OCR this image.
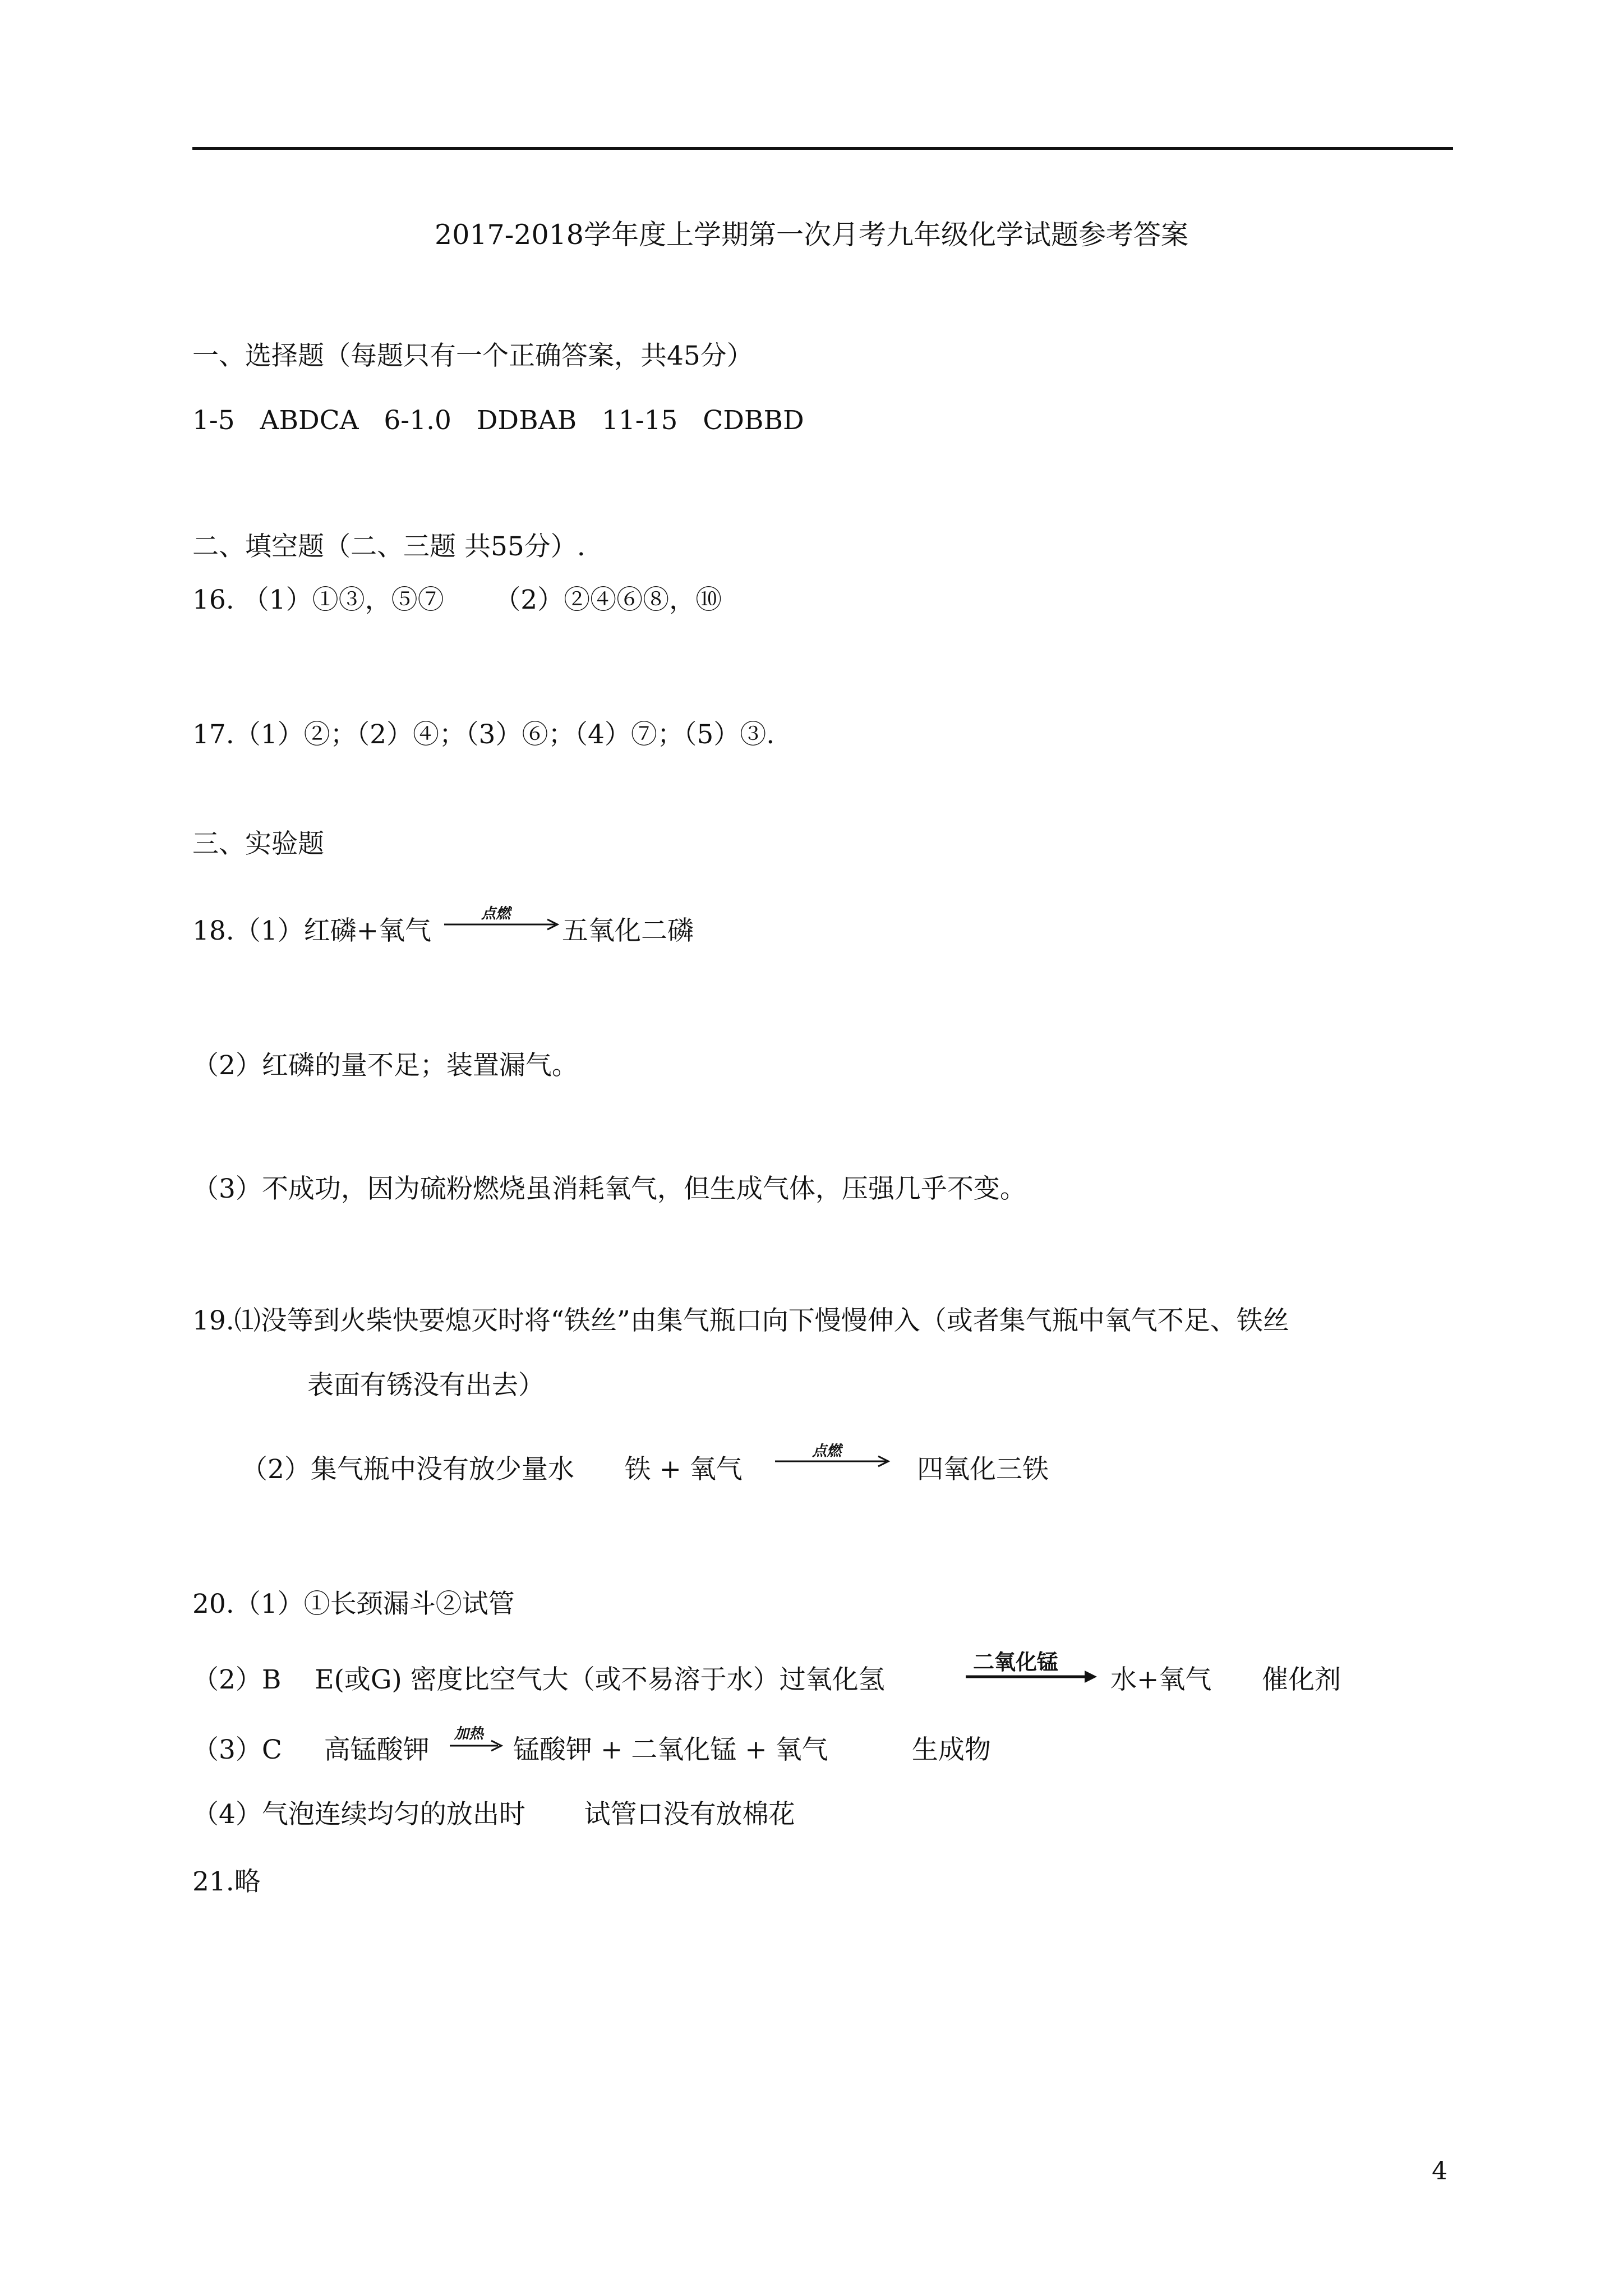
2017-2018学年度上学期第一次月考九年级化学试题参考答案
一、选择题（每题只有一个正确答案，共45分）
1-5   ABDCA   6-1.0   DDBAB   11-15   CDBBD
二、填空题（二、三题 共55分）.
16. （1）①③，⑤⑦      （2）②④⑥⑧，⑩
17.（1）②；（2）④；（3）⑥；（4）⑦；（5）③.
三、实验题
18.（1）红磷+氧气
点燃
五氧化二磷
（2）红磷的量不足；装置漏气。
（3）不成功，因为硫粉燃烧虽消耗氧气，但生成气体，压强几乎不变。
19.⑴没等到火柴快要熄灭时将“铁丝”由集气瓶口向下慢慢伸入（或者集气瓶中氧气不足、铁丝
表面有锈没有出去）
（2）集气瓶中没有放少量水      铁 + 氧气
点燃
四氧化三铁
20.（1）①长颈漏斗②试管
（2）B    E(或G) 密度比空气大（或不易溶于水）过氧化氢
二氧化锰
水+氧气      催化剂
（3）C     高锰酸钾
加热
锰酸钾 + 二氧化锰 + 氧气          生成物
（4）气泡连续均匀的放出时       试管口没有放棉花
21.略
4
